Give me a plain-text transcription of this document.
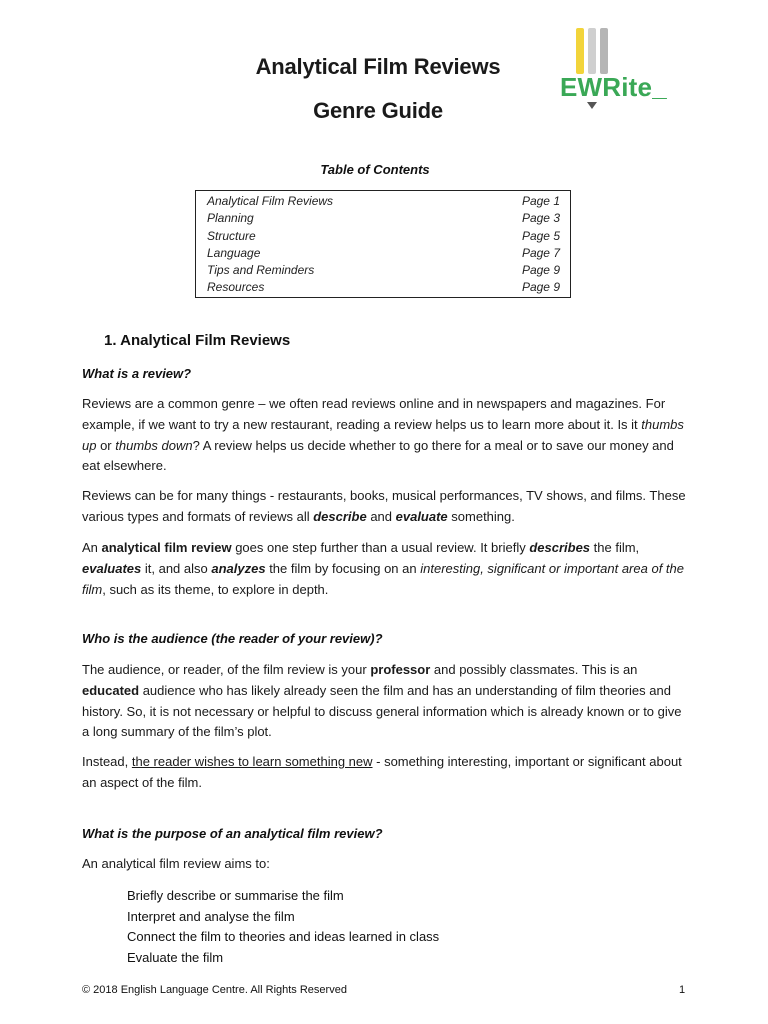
Analytical Film Reviews
Genre Guide
EWRite_
Table of Contents
Analytical Film Reviews	Page 1
Planning	Page 3
Structure	Page 5
Language	Page 7
Tips and Reminders	Page 9
Resources	Page 9
1. Analytical Film Reviews
What is a review?
Reviews are a common genre – we often read reviews online and in newspapers and magazines. For example, if we want to try a new restaurant, reading a review helps us to learn more about it. Is it thumbs up or thumbs down? A review helps us decide whether to go there for a meal or to save our money and eat elsewhere.
Reviews can be for many things - restaurants, books, musical performances, TV shows, and films. These various types and formats of reviews all describe and evaluate something.
An analytical film review goes one step further than a usual review. It briefly describes the film, evaluates it, and also analyzes the film by focusing on an interesting, significant or important area of the film, such as its theme, to explore in depth.
Who is the audience (the reader of your review)?
The audience, or reader, of the film review is your professor and possibly classmates. This is an educated audience who has likely already seen the film and has an understanding of film theories and history. So, it is not necessary or helpful to discuss general information which is already known or to give a long summary of the film’s plot.
Instead, the reader wishes to learn something new - something interesting, important or significant about an aspect of the film.
What is the purpose of an analytical film review?
An analytical film review aims to:
Briefly describe or summarise the film
Interpret and analyse the film
Connect the film to theories and ideas learned in class
Evaluate the film
© 2018 English Language Centre. All Rights Reserved	1
